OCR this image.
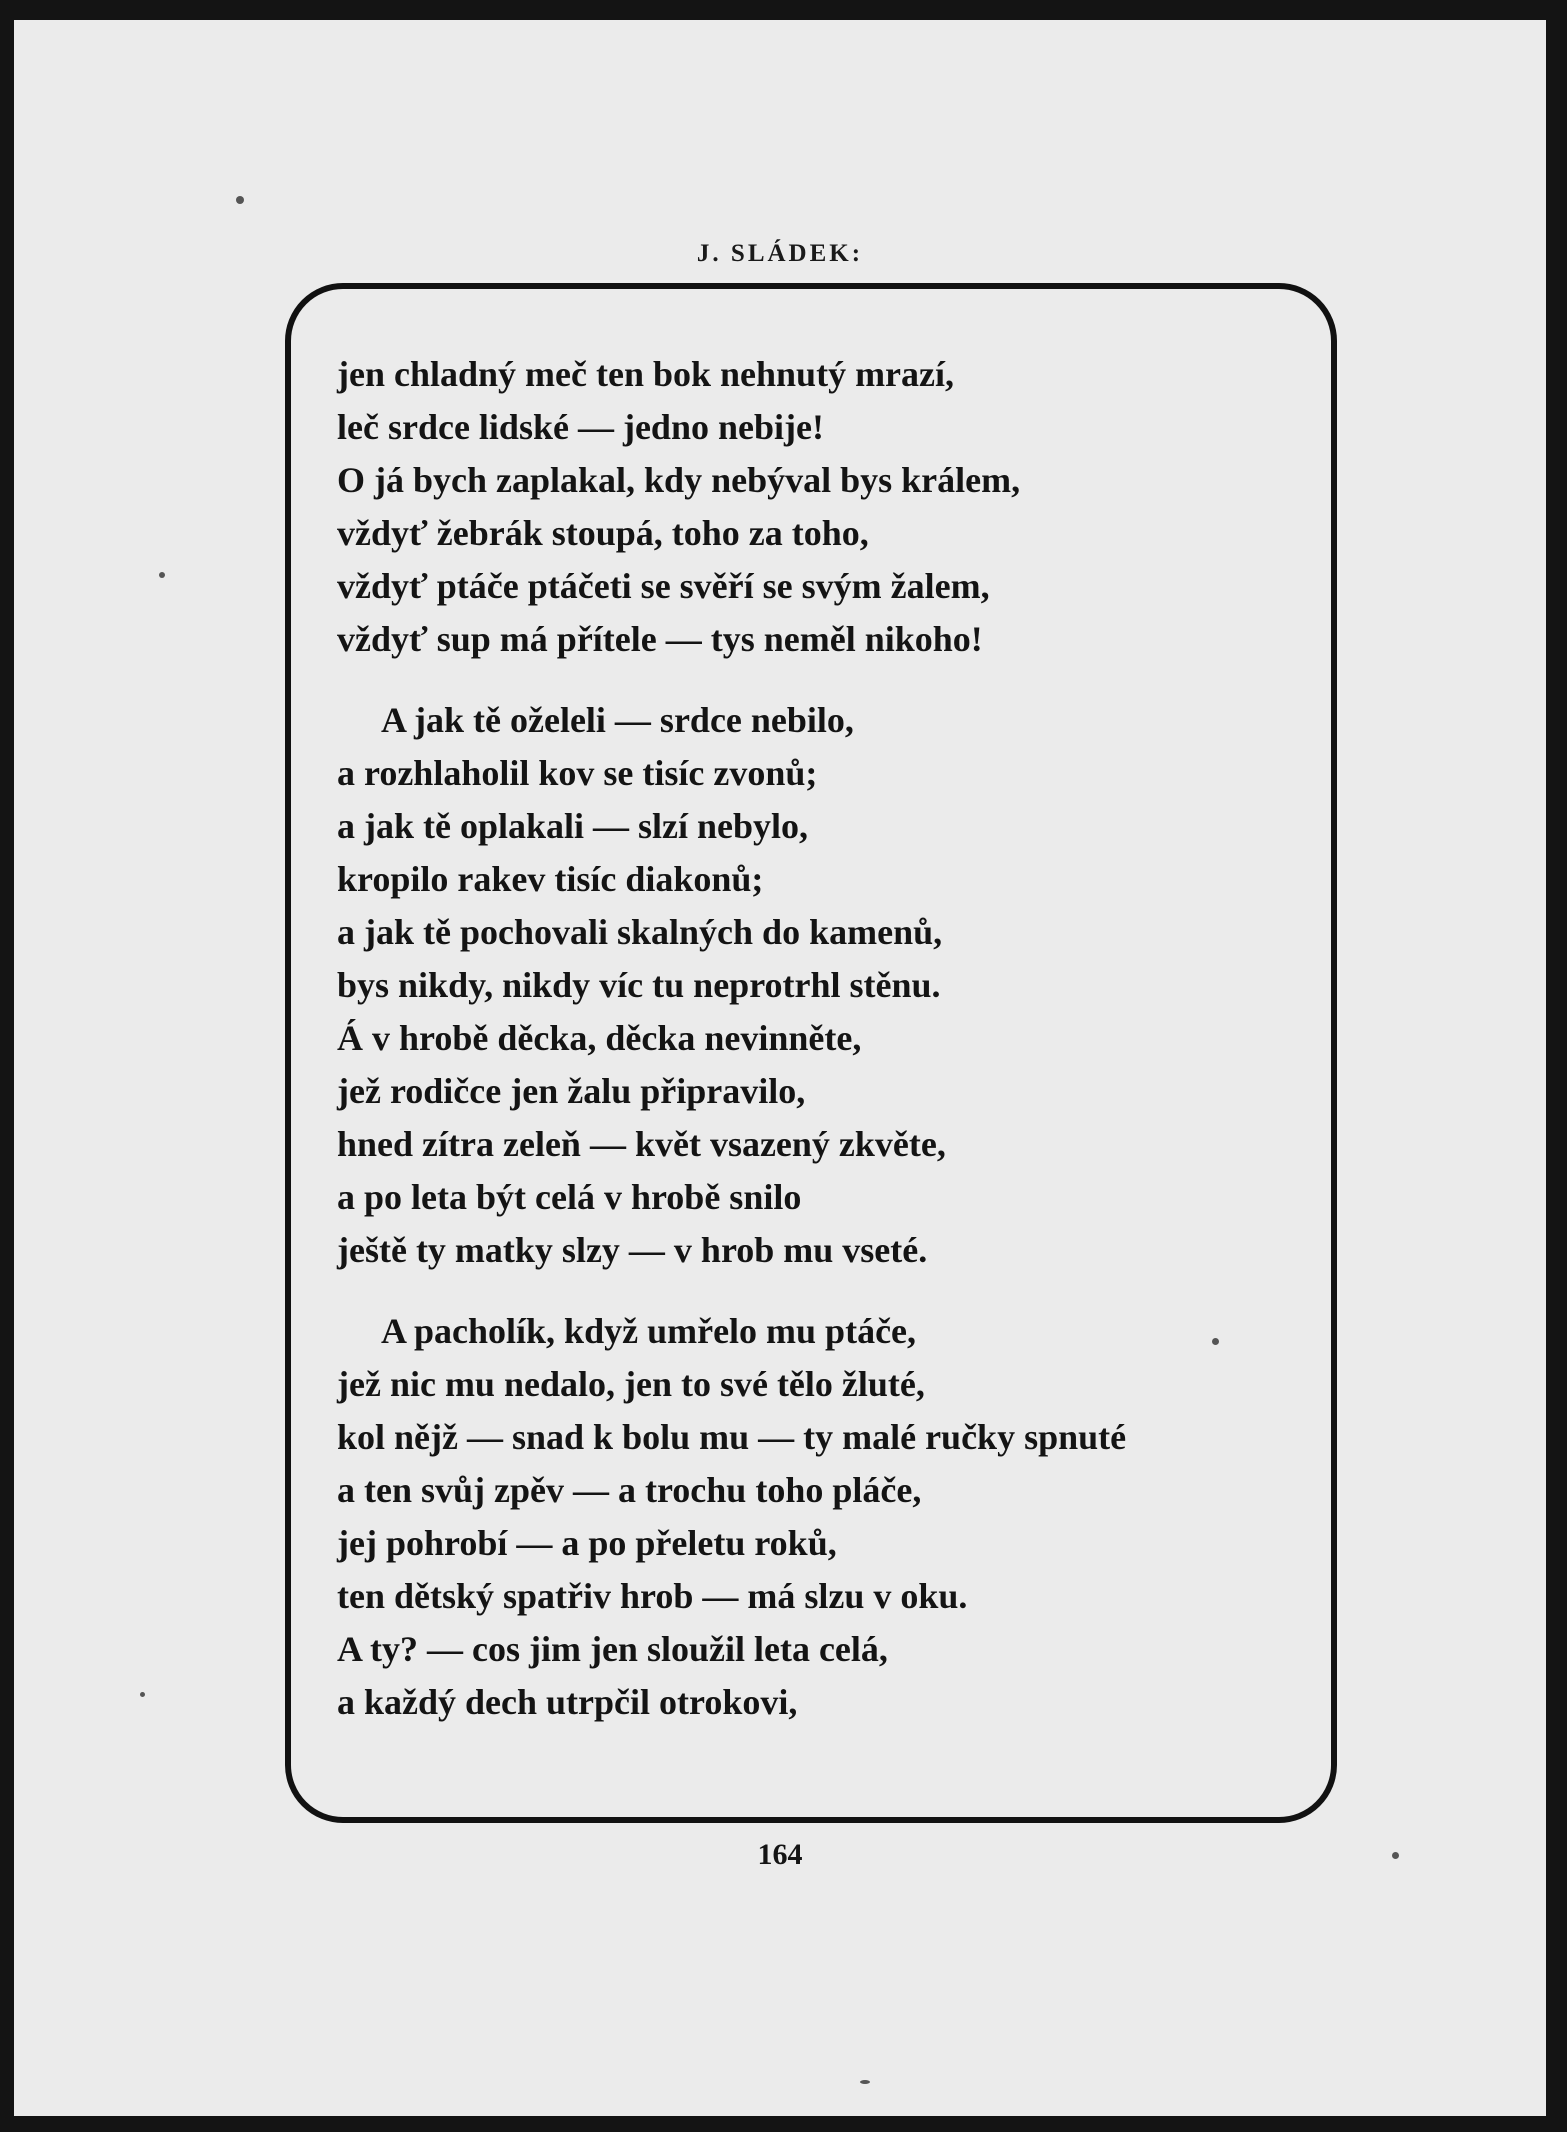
J. SLÁDEK:
164
jen chladný meč ten bok nehnutý mrazí,
leč srdce lidské — jedno nebije!
O já bych zaplakal, kdy nebýval bys králem,
vždyť žebrák stoupá, toho za toho,
vždyť ptáče ptáčeti se svěří se svým žalem,
vždyť sup má přítele — tys neměl nikoho!
A jak tě oželeli — srdce nebilo,
a rozhlaholil kov se tisíc zvonů;
a jak tě oplakali — slzí nebylo,
kropilo rakev tisíc diakonů;
a jak tě pochovali skalných do kamenů,
bys nikdy, nikdy víc tu neprotrhl stěnu.
Á v hrobě děcka, děcka nevinněte,
jež rodičce jen žalu připravilo,
hned zítra zeleň — květ vsazený zkvěte,
a po leta být celá v hrobě snilo
ještě ty matky slzy — v hrob mu vseté.
A pacholík, když umřelo mu ptáče,
jež nic mu nedalo, jen to své tělo žluté,
kol nějž — snad k bolu mu — ty malé ručky spnuté
a ten svůj zpěv — a trochu toho pláče,
jej pohrobí — a po přeletu roků,
ten dětský spatřiv hrob — má slzu v oku.
A ty? — cos jim jen sloužil leta celá,
a každý dech utrpčil otrokovi,
